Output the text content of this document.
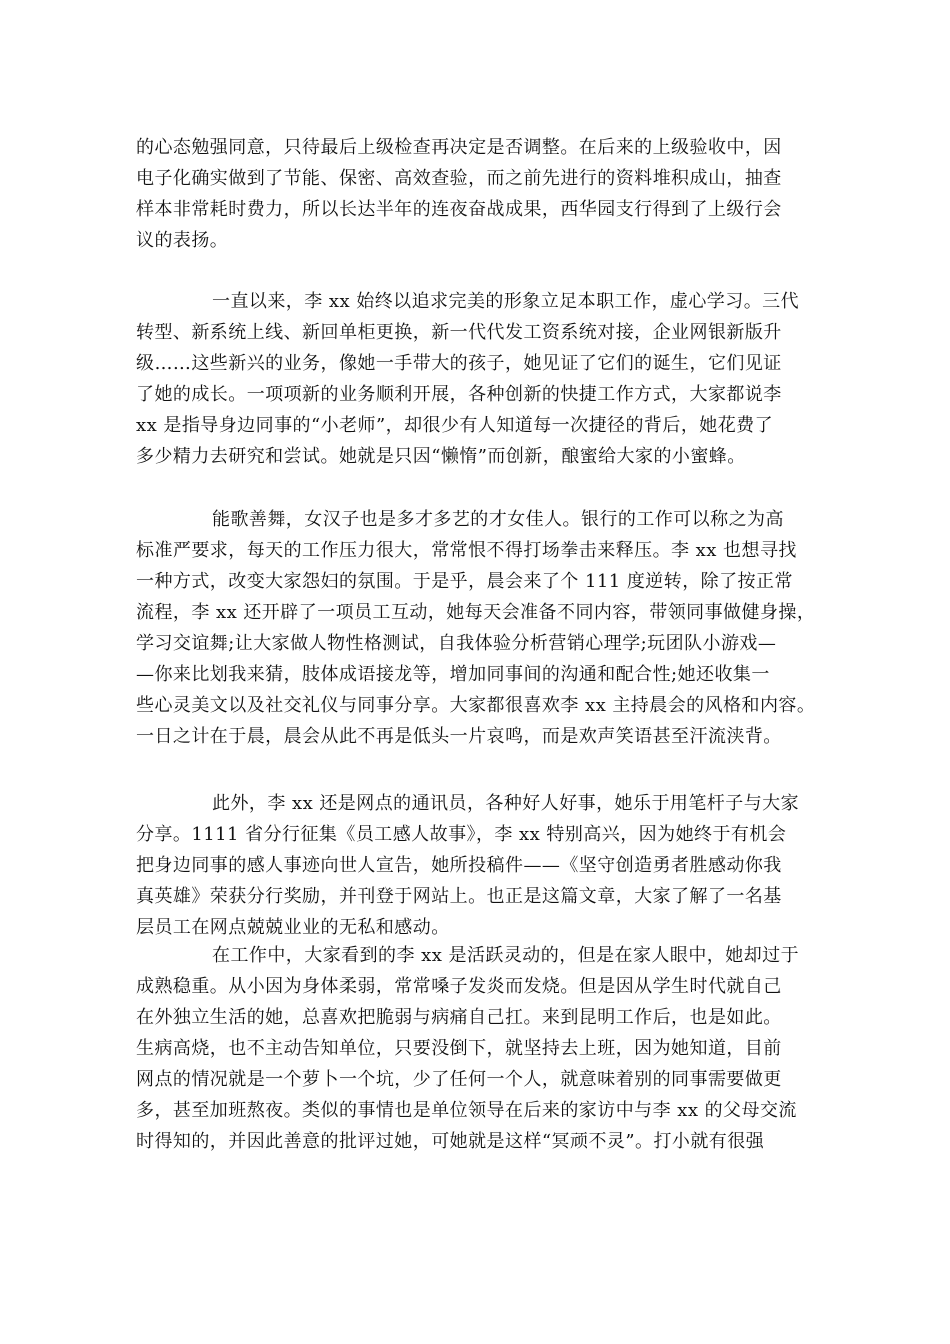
的心态勉强同意，只待最后上级检查再决定是否调整。在后来的上级验收中，因
电子化确实做到了节能、保密、高效查验，而之前先进行的资料堆积成山，抽查
样本非常耗时费力，所以长达半年的连夜奋战成果，西华园支行得到了上级行会
议的表扬。

一直以来，李 xx 始终以追求完美的形象立足本职工作，虚心学习。三代
转型、新系统上线、新回单柜更换，新一代代发工资系统对接，企业网银新版升
级……这些新兴的业务，像她一手带大的孩子，她见证了它们的诞生，它们见证
了她的成长。一项项新的业务顺利开展，各种创新的快捷工作方式，大家都说李
xx 是指导身边同事的“小老师”，却很少有人知道每一次捷径的背后，她花费了
多少精力去研究和尝试。她就是只因“懒惰”而创新，酿蜜给大家的小蜜蜂。

能歌善舞，女汉子也是多才多艺的才女佳人。银行的工作可以称之为高
标准严要求，每天的工作压力很大，常常恨不得打场拳击来释压。李 xx 也想寻找
一种方式，改变大家怨妇的氛围。于是乎，晨会来了个 111 度逆转，除了按正常
流程，李 xx 还开辟了一项员工互动，她每天会准备不同内容，带领同事做健身操，
学习交谊舞;让大家做人物性格测试，自我体验分析营销心理学;玩团队小游戏—
—你来比划我来猜，肢体成语接龙等，增加同事间的沟通和配合性;她还收集一
些心灵美文以及社交礼仪与同事分享。大家都很喜欢李 xx 主持晨会的风格和内容。
一日之计在于晨，晨会从此不再是低头一片哀鸣，而是欢声笑语甚至汗流浃背。

此外，李 xx 还是网点的通讯员，各种好人好事，她乐于用笔杆子与大家
分享。1111 省分行征集《员工感人故事》，李 xx 特别高兴，因为她终于有机会
把身边同事的感人事迹向世人宣告，她所投稿件——《坚守创造勇者胜感动你我
真英雄》荣获分行奖励，并刊登于网站上。也正是这篇文章，大家了解了一名基
层员工在网点兢兢业业的无私和感动。

在工作中，大家看到的李 xx 是活跃灵动的，但是在家人眼中，她却过于
成熟稳重。从小因为身体柔弱，常常嗓子发炎而发烧。但是因从学生时代就自己
在外独立生活的她，总喜欢把脆弱与病痛自己扛。来到昆明工作后，也是如此。
生病高烧，也不主动告知单位，只要没倒下，就坚持去上班，因为她知道，目前
网点的情况就是一个萝卜一个坑，少了任何一个人，就意味着别的同事需要做更
多，甚至加班熬夜。类似的事情也是单位领导在后来的家访中与李 xx 的父母交流
时得知的，并因此善意的批评过她，可她就是这样“冥顽不灵”。打小就有很强
